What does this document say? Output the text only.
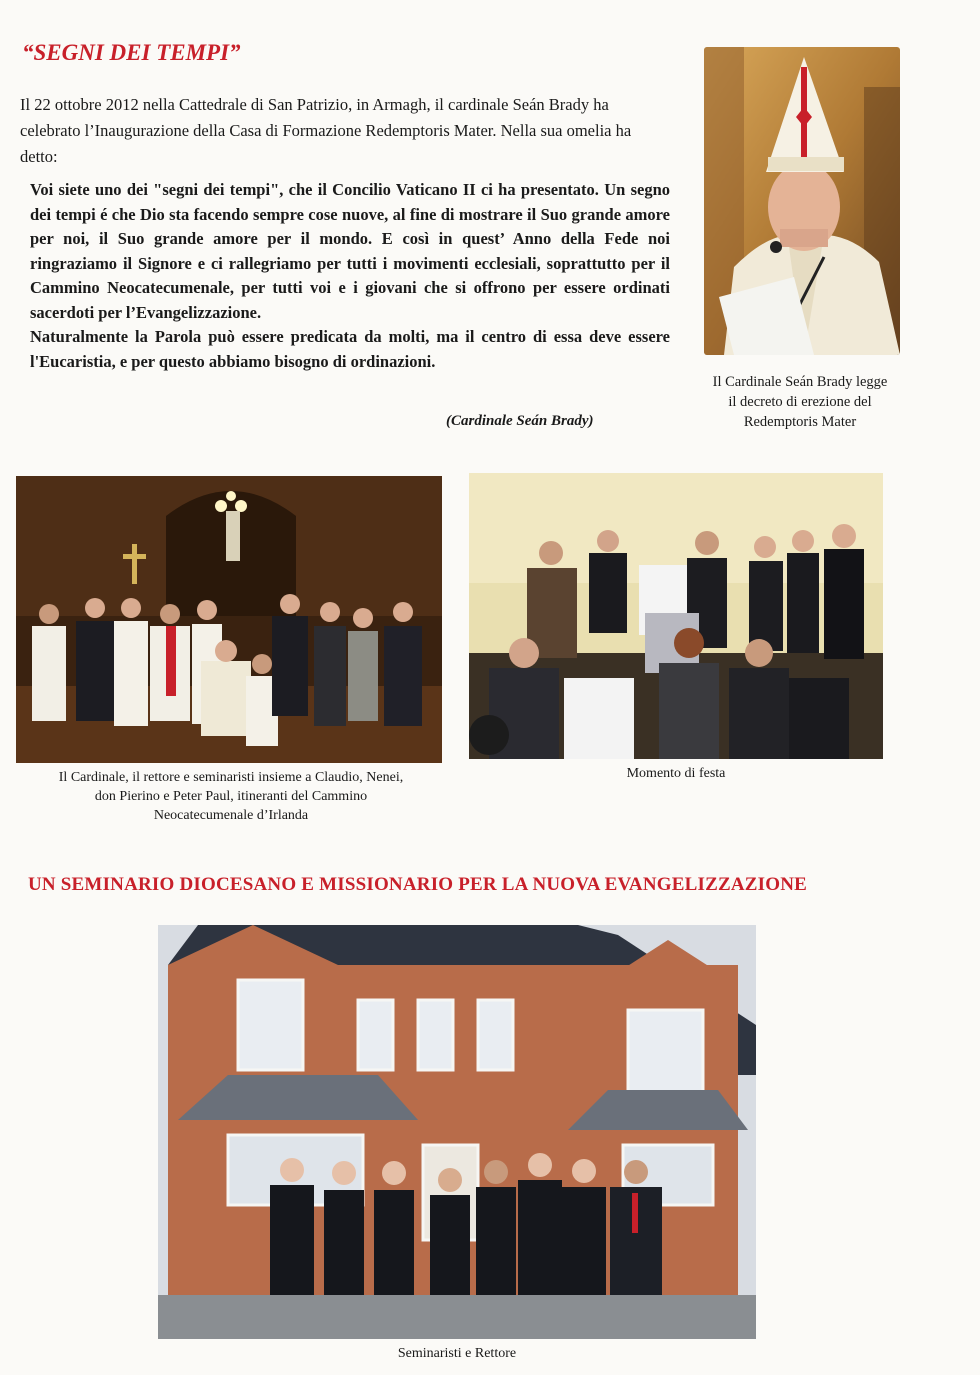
“SEGNI DEI TEMPI”
Il 22 ottobre 2012 nella Cattedrale di San Patrizio, in Armagh, il cardinale Seán Brady ha celebrato l’Inaugurazione della Casa di Formazione Redemptoris Mater. Nella sua omelia ha detto:

Voi siete uno dei "segni dei tempi", che il Concilio Vaticano II ci ha presentato. Un segno dei tempi é che Dio sta facendo sempre cose nuove, al fine di mostrare il Suo grande amore per noi, il Suo grande amore per il mondo. E così in quest’ Anno della Fede noi ringraziamo il Signore e ci rallegriamo per tutti i movimenti ecclesiali, soprattutto per il Cammino Neocatecumenale, per tutti voi e i giovani che si offrono per essere ordinati sacerdoti per l’Evangelizzazione.

Naturalmente la Parola può essere predicata da molti, ma il centro di essa deve essere l'Eucaristia, e per questo abbiamo bisogno di ordinazioni.

(Cardinale Seán Brady)
Il Cardinale Seán Brady legge
il decreto di erezione del
Redemptoris Mater
Il Cardinale, il rettore e seminaristi insieme a Claudio, Nenei,
don Pierino e Peter Paul, itineranti del Cammino
Neocatecumenale d’Irlanda
Momento di festa
UN SEMINARIO DIOCESANO E MISSIONARIO PER LA NUOVA EVANGELIZZAZIONE
Seminaristi e Rettore
